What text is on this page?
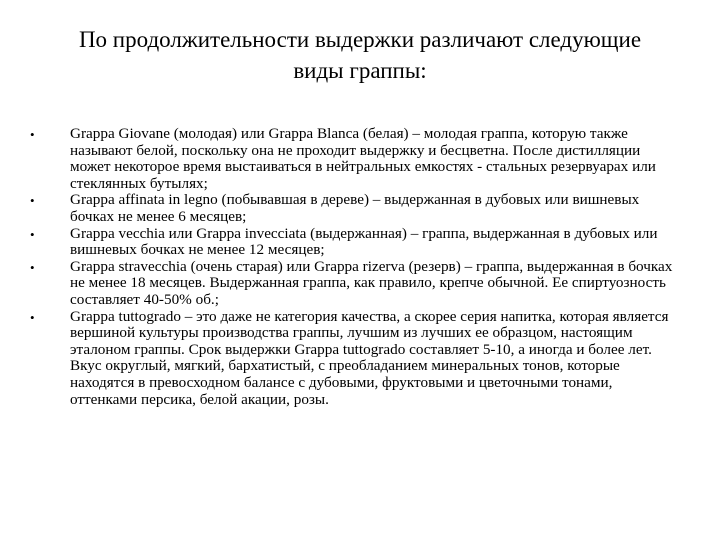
По продолжительности выдержки различают следующие
виды граппы:
• Grappa Giovane (молодая) или Grappa Blanca (белая) – молодая граппа, которую также называют белой, поскольку она не проходит выдержку и бесцветна. После дистилляции может некоторое время выстаиваться в нейтральных емкостях - стальных резервуарах или стеклянных бутылях;
• Grappa affinata in legno (побывавшая в дереве) – выдержанная в дубовых или вишневых бочках не менее 6 месяцев;
• Grappa vecchia или Grappa invecciata (выдержанная) – граппа, выдержанная в дубовых или вишневых бочках не менее 12 месяцев;
• Grappa stravecchia (очень старая) или Grappa rizerva (резерв) – граппа, выдержанная в бочках не менее 18 месяцев. Выдержанная граппа, как правило, крепче обычной. Ее спиртуозность составляет 40-50% об.;
• Grappa tuttogrado – это даже не категория качества, а скорее серия напитка, которая является вершиной культуры производства граппы, лучшим из лучших ее образцом, настоящим эталоном граппы. Срок выдержки Grappa tuttogrado составляет 5-10, а иногда и более лет. Вкус округлый, мягкий, бархатистый, с преобладанием минеральных тонов, которые находятся в превосходном балансе с дубовыми, фруктовыми и цветочными тонами, оттенками персика, белой акации, розы.
